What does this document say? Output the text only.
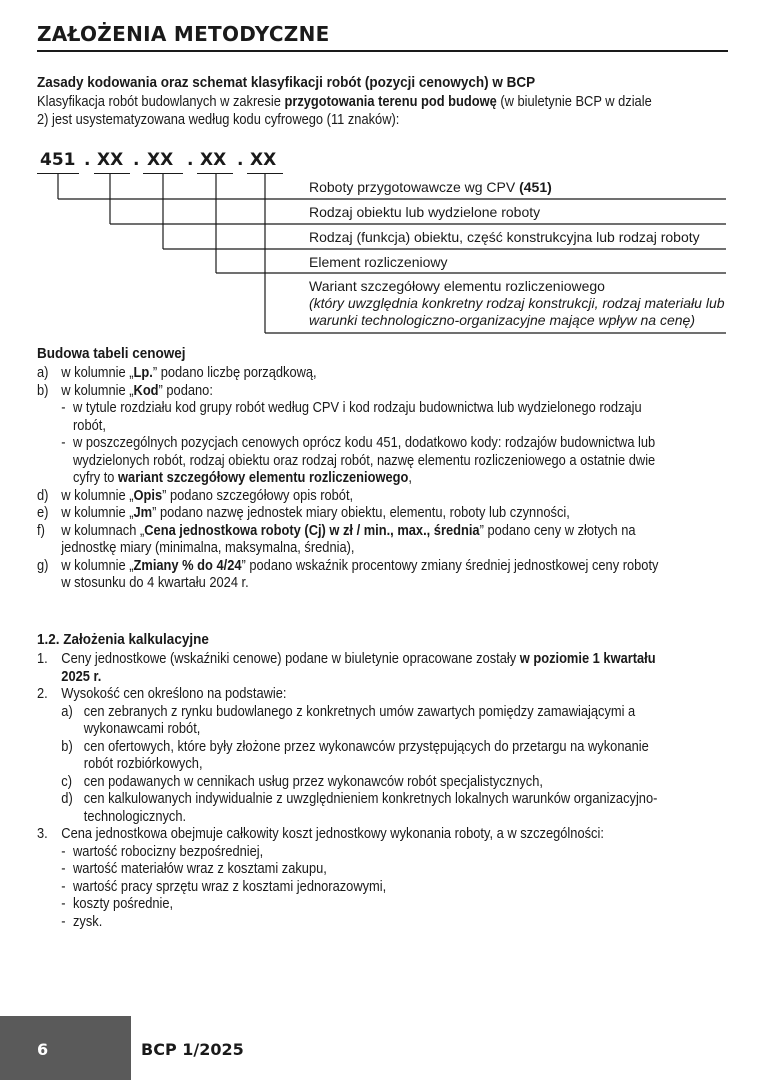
ZAŁOŻENIA METODYCZNE
Zasady kodowania oraz schemat klasyfikacji robót (pozycji cenowych) w BCP

Klasyfikacja robót budowlanych w zakresie przygotowania terenu pod budowę (w biuletynie BCP w dziale 2) jest usystematyzowana według kodu cyfrowego (11 znaków):

451 . XX . XX . XX . XX
Roboty przygotowawcze wg CPV (451)
Rodzaj obiektu lub wydzielone roboty
Rodzaj (funkcja) obiektu, część konstrukcyjna lub rodzaj roboty
Element rozliczeniowy
Wariant szczegółowy elementu rozliczeniowego
(który uwzględnia konkretny rodzaj konstrukcji, rodzaj materiału lub
warunki technologiczno-organizacyjne mające wpływ na cenę)
Budowa tabeli cenowej
a) w kolumnie „Lp.” podano liczbę porządkową,
b) w kolumnie „Kod” podano:
- w tytule rozdziału kod grupy robót według CPV i kod rodzaju budownictwa lub wydzielonego rodzaju robót,
- w poszczególnych pozycjach cenowych oprócz kodu 451, dodatkowo kody: rodzajów budownictwa lub wydzielonych robót, rodzaj obiektu oraz rodzaj robót, nazwę elementu rozliczeniowego a ostatnie dwie cyfry to wariant szczegółowy elementu rozliczeniowego,
d) w kolumnie „Opis” podano szczegółowy opis robót,
e) w kolumnie „Jm” podano nazwę jednostek miary obiektu, elementu, roboty lub czynności,
f) w kolumnach „Cena jednostkowa roboty (Cj) w zł / min., max., średnia” podano ceny w złotych na jednostkę miary (minimalna, maksymalna, średnia),
g) w kolumnie „Zmiany % do 4/24” podano wskaźnik procentowy zmiany średniej jednostkowej ceny roboty w stosunku do 4 kwartału 2024 r.
1.2. Założenia kalkulacyjne
1. Ceny jednostkowe (wskaźniki cenowe) podane w biuletynie opracowane zostały w poziomie 1 kwartału 2025 r.
2. Wysokość cen określono na podstawie:
a) cen zebranych z rynku budowlanego z konkretnych umów zawartych pomiędzy zamawiającymi a wykonawcami robót,
b) cen ofertowych, które były złożone przez wykonawców przystępujących do przetargu na wykonanie robót rozbiórkowych,
c) cen podawanych w cennikach usług przez wykonawców robót specjalistycznych,
d) cen kalkulowanych indywidualnie z uwzględnieniem konkretnych lokalnych warunków organizacyjno-technologicznych.
3. Cena jednostkowa obejmuje całkowity koszt jednostkowy wykonania roboty, a w szczególności:
- wartość robocizny bezpośredniej,
- wartość materiałów wraz z kosztami zakupu,
- wartość pracy sprzętu wraz z kosztami jednorazowymi,
- koszty pośrednie,
- zysk.
6	BCP 1/2025
